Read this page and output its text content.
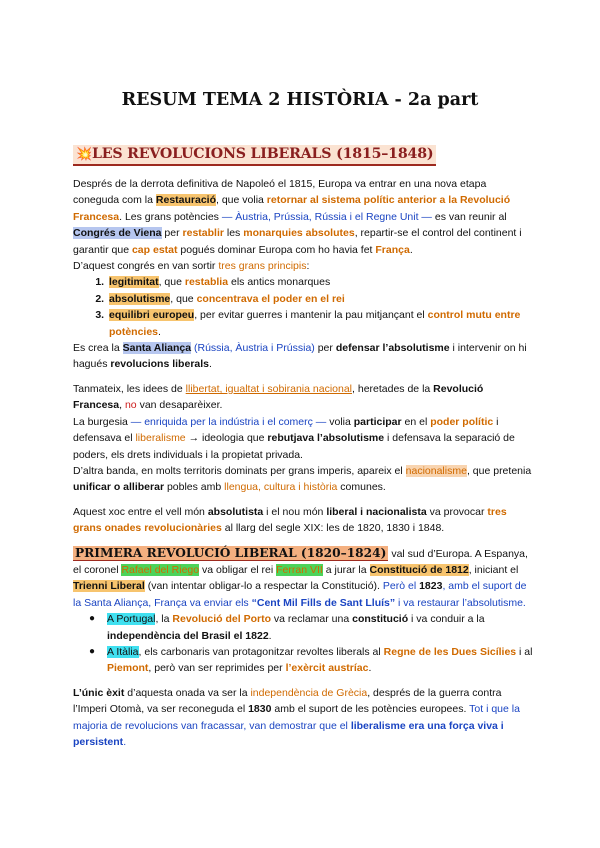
RESUM TEMA 2 HISTÒRIA - 2a part
💥LES REVOLUCIONS LIBERALS (1815–1848)

Després de la derrota definitiva de Napoleó el 1815, Europa va entrar en una nova etapa coneguda com la Restauració, que volia retornar al sistema polític anterior a la Revolució Francesa. Les grans potències — Àustria, Prússia, Rússia i el Regne Unit — es van reunir al Congrés de Viena per restablir les monarquies absolutes, repartir-se el control del continent i garantir que cap estat pogués dominar Europa com ho havia fet França.

D’aquest congrés en van sortir tres grans principis:

1. legitimitat, que restablia els antics monarques
2. absolutisme, que concentrava el poder en el rei
3. equilibri europeu, per evitar guerres i mantenir la pau mitjançant el control mutu entre potències.

Es crea la Santa Aliança (Rússia, Àustria i Prússia) per defensar l’absolutisme i intervenir on hi hagués revolucions liberals.

Tanmateix, les idees de llibertat, igualtat i sobirania nacional, heretades de la Revolució Francesa, no van desaparèixer.

La burgesia — enriquida per la indústria i el comerç — volia participar en el poder polític i defensava el liberalisme → ideologia que rebutjava l’absolutisme i defensava la separació de poders, els drets individuals i la propietat privada.

D’altra banda, en molts territoris dominats per grans imperis, apareix el nacionalisme, que pretenia unificar o alliberar pobles amb llengua, cultura i història comunes.

Aquest xoc entre el vell món absolutista i el nou món liberal i nacionalista va provocar tres grans onades revolucionàries al llarg del segle XIX: les de 1820, 1830 i 1848.

PRIMERA REVOLUCIÓ LIBERAL (1820–1824) val sud d’Europa. A Espanya, el coronel Rafael del Riego va obligar el rei Ferran VII a jurar la Constitució de 1812, iniciant el Trienni Liberal (van intentar obligar-lo a respectar la Constitució). Però el 1823, amb el suport de la Santa Aliança, França va enviar els “Cent Mil Fills de Sant Lluís” i va restaurar l’absolutisme.

● A Portugal, la Revolució del Porto va reclamar una constitució i va conduir a la independència del Brasil el 1822.
● A Itàlia, els carbonaris van protagonitzar revoltes liberals al Regne de les Dues Sicílies i al Piemont, però van ser reprimides per l’exèrcit austríac.

L’únic èxit d’aquesta onada va ser la independència de Grècia, després de la guerra contra l’Imperi Otomà, va ser reconeguda el 1830 amb el suport de les potències europees. Tot i que la majoria de revolucions van fracassar, van demostrar que el liberalisme era una força viva i persistent.
